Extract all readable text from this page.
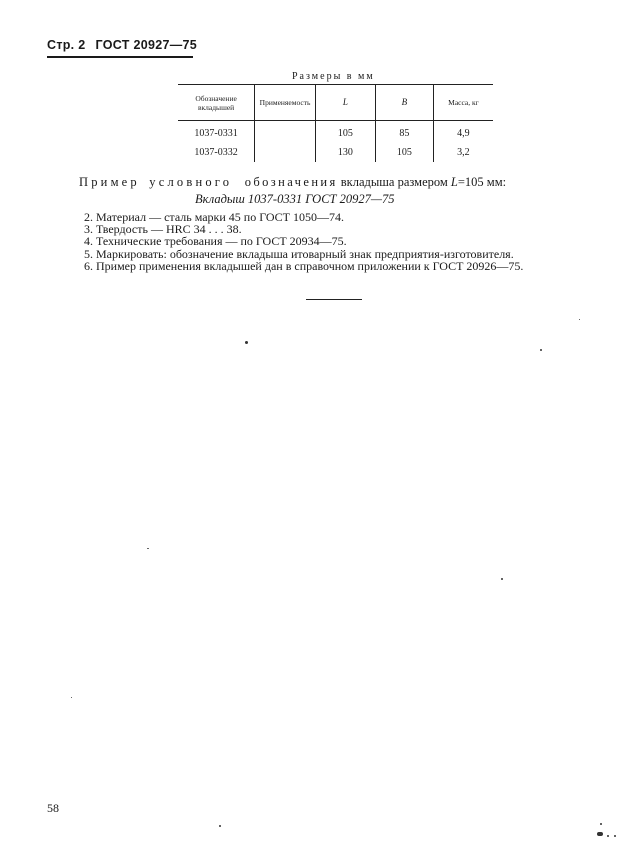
Стр. 2 ГОСТ 20927—75
Размеры в мм
Обозначение вкладышей	Применяемость	L	B	Масса, кг
1037-0331		105	85	4,9
1037-0332		130	105	3,2
Пример условного обозначения вкладыша размером L=105 мм:
Вкладыш 1037-0331 ГОСТ 20927—75
2. Материал — сталь марки 45 по ГОСТ 1050—74.
3. Твердость — HRC 34 . . . 38.
4. Технические требования — по ГОСТ 20934—75.
5. Маркировать: обозначение вкладыша итоварный знак предприятия-изготовителя.
6. Пример применения вкладышей дан в справочном приложении к ГОСТ 20926—75.
58
